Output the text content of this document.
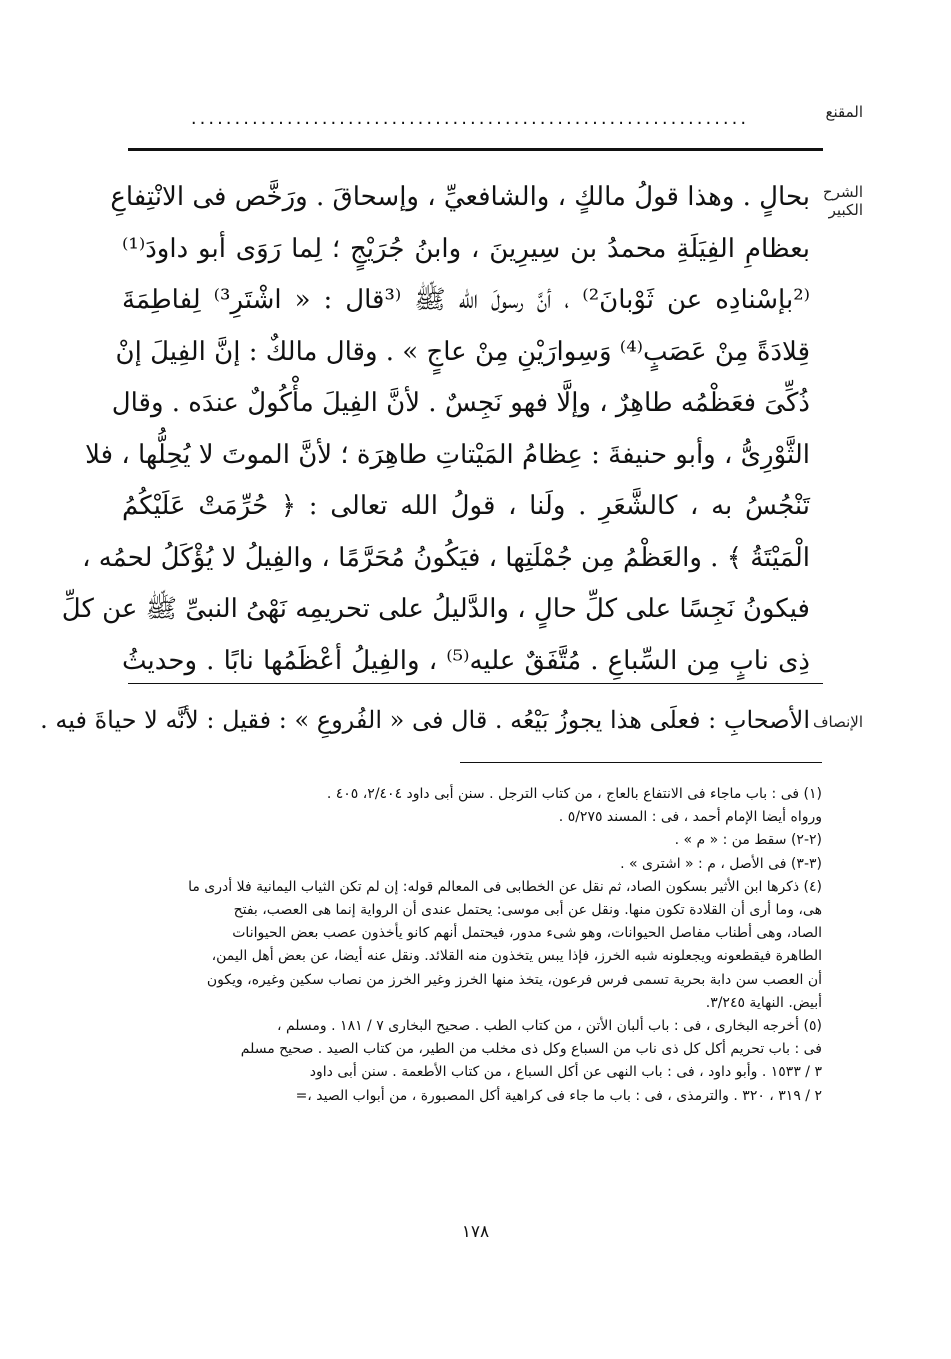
المقنع
................................................................
الشرح الكبير
بحالٍ . وهذا قولُ مالكٍ ، والشافعيِّ ، وإسحاقَ . ورَخَّص فى الانْتِفاعِ
بعظامِ الفِيَلَةِ محمدُ بن سِيرِينَ ، وابنُ جُرَيْجٍ ؛ لِما رَوَى أبو داودَ⁽¹⁾
⁽²بإسْنادِه عن ثَوْبانَ²⁾ ، أنَّ رسولَ الله ﷺ ⁽³قال : « اشْتَرِ³⁾ لِفاطِمَةَ
قِلادَةً مِنْ عَصَبٍ⁽⁴⁾ وَسِوارَيْنِ مِنْ عاجٍ » . وقال مالكٌ : إنَّ الفِيلَ إنْ
ذُكِّىَ فعَظْمُه طاهِرٌ ، وإلَّا فهو نَجِسٌ . لأنَّ الفِيلَ مأْكُولٌ عندَه . وقال
الثَّوْرِىُّ ، وأبو حنيفةَ : عِظامُ المَيْتاتِ طاهِرَة ؛ لأنَّ الموتَ لا يُحِلُّها ، فلا
تَنْجُسُ به ، كالشَّعَرِ . ولَنا ، قولُ الله تعالى : ﴿ حُرِّمَتْ عَلَيْكُمُ
الْمَيْتَةُ ﴾ . والعَظْمُ مِن جُمْلَتِها ، فيَكُونُ مُحَرَّمًا ، والفِيلُ لا يُؤْكَلُ لحمُه ،
فيكونُ نَجِسًا على كلِّ حالٍ ، والدَّليلُ على تحريمِه نَهْىُ النبىِّ ﷺ عن كلِّ
ذِى نابٍ مِن السِّباعِ . مُتَّفَقٌ عليه⁽⁵⁾ ، والفِيلُ أعْظَمُها نابًا . وحديثُ
الإنصاف
الأصحابِ : فعلَى هذا يجوزُ بَيْعُه . قال فى « الفُروعِ » : فقيل : لأنَّه لا حياةَ فيه .
(١) فى : باب ماجاء فى الانتفاع بالعاج ، من كتاب الترجل . سنن أبى داود ٢/٤٠٤، ٤٠٥ .
ورواه أيضا الإمام أحمد ، فى : المسند ٥/٢٧٥ .
(٢-٢) سقط من : « م » .
(٣-٣) فى الأصل ، م : « اشترى » .
(٤) ذكرها ابن الأثير بسكون الصاد، ثم نقل عن الخطابى فى المعالم قوله: إن لم تكن الثياب اليمانية فلا أدرى ما
هى، وما أرى أن القلادة تكون منها. ونقل عن أبى موسى: يحتمل عندى أن الرواية إنما هى العصب، بفتح
الصاد، وهى أطناب مفاصل الحيوانات، وهو شىء مدور، فيحتمل أنهم كانو يأخذون عصب بعض الحيوانات
الطاهرة فيقطعونه ويجعلونه شبه الخرز، فإذا يبس يتخذون منه القلائد. ونقل عنه أيضا، عن بعض أهل اليمن،
أن العصب سن دابة بحرية تسمى فرس فرعون، يتخذ منها الخرز وغير الخرز من نصاب سكين وغيره، ويكون
أبيض. النهاية ٣/٢٤٥.
(٥) أخرجه البخارى ، فى : باب ألبان الأتن ، من كتاب الطب . صحيح البخارى ٧ / ١٨١ . ومسلم ،
فى : باب تحريم أكل كل ذى ناب من السباع وكل ذى مخلب من الطير، من كتاب الصيد . صحيح مسلم
٣ / ١٥٣٣ . وأبو داود ، فى : باب النهى عن أكل السباع ، من كتاب الأطعمة . سنن أبى داود
٢ / ٣١٩ ، ٣٢٠ . والترمذى ، فى : باب ما جاء فى كراهية أكل المصبورة ، من أبواب الصيد ،=
١٧٨
